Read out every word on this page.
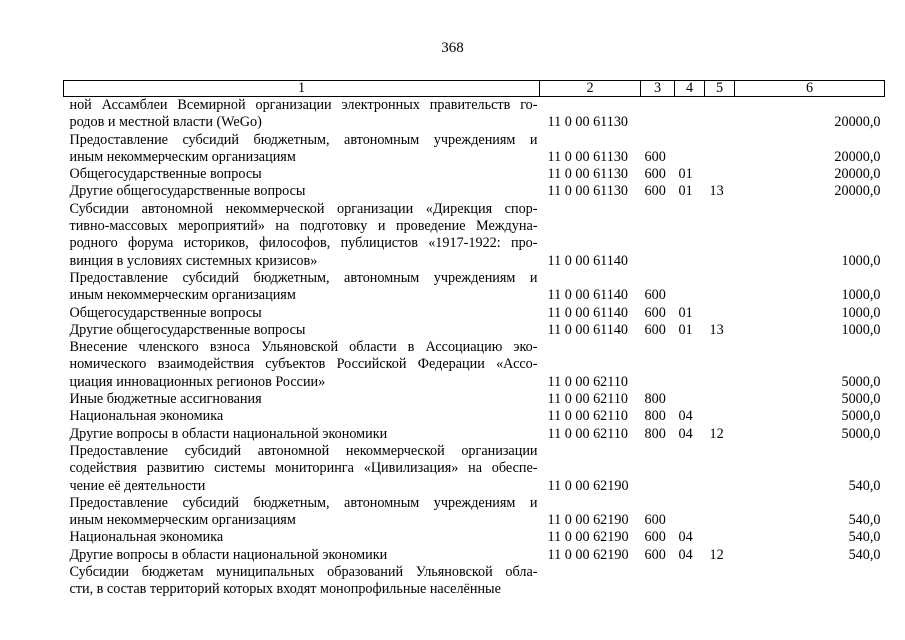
368
1	2	3	4	5	6

ной Ассамблеи Всемирной организации электронных правительств го-
родов и местной власти (WeGo)	11 0 00 61130				20000,0

Предоставление субсидий бюджетным, автономным учреждениям и
иным некоммерческим организациям	11 0 00 61130	600			20000,0

Общегосударственные вопросы	11 0 00 61130	600	01		20000,0

Другие общегосударственные вопросы	11 0 00 61130	600	01	13	20000,0

Субсидии автономной некоммерческой организации «Дирекция спор-
тивно-массовых мероприятий» на подготовку и проведение Междуна-
родного форума историков, философов, публицистов «1917-1922: про-
винция в условиях системных кризисов»	11 0 00 61140				1000,0

Предоставление субсидий бюджетным, автономным учреждениям и
иным некоммерческим организациям	11 0 00 61140	600			1000,0

Общегосударственные вопросы	11 0 00 61140	600	01		1000,0

Другие общегосударственные вопросы	11 0 00 61140	600	01	13	1000,0

Внесение членского взноса Ульяновской области в Ассоциацию эко-
номического взаимодействия субъектов Российской Федерации «Ассо-
циация инновационных регионов России»	11 0 00 62110				5000,0

Иные бюджетные ассигнования	11 0 00 62110	800			5000,0

Национальная экономика	11 0 00 62110	800	04		5000,0

Другие вопросы в области национальной экономики	11 0 00 62110	800	04	12	5000,0

Предоставление субсидий автономной некоммерческой организации
содействия развитию системы мониторинга «Цивилизация» на обеспе-
чение её деятельности	11 0 00 62190				540,0

Предоставление субсидий бюджетным, автономным учреждениям и
иным некоммерческим организациям	11 0 00 62190	600			540,0

Национальная экономика	11 0 00 62190	600	04		540,0

Другие вопросы в области национальной экономики	11 0 00 62190	600	04	12	540,0

Субсидии бюджетам муниципальных образований Ульяновской обла-
сти, в состав территорий которых входят монопрофильные населённые					
